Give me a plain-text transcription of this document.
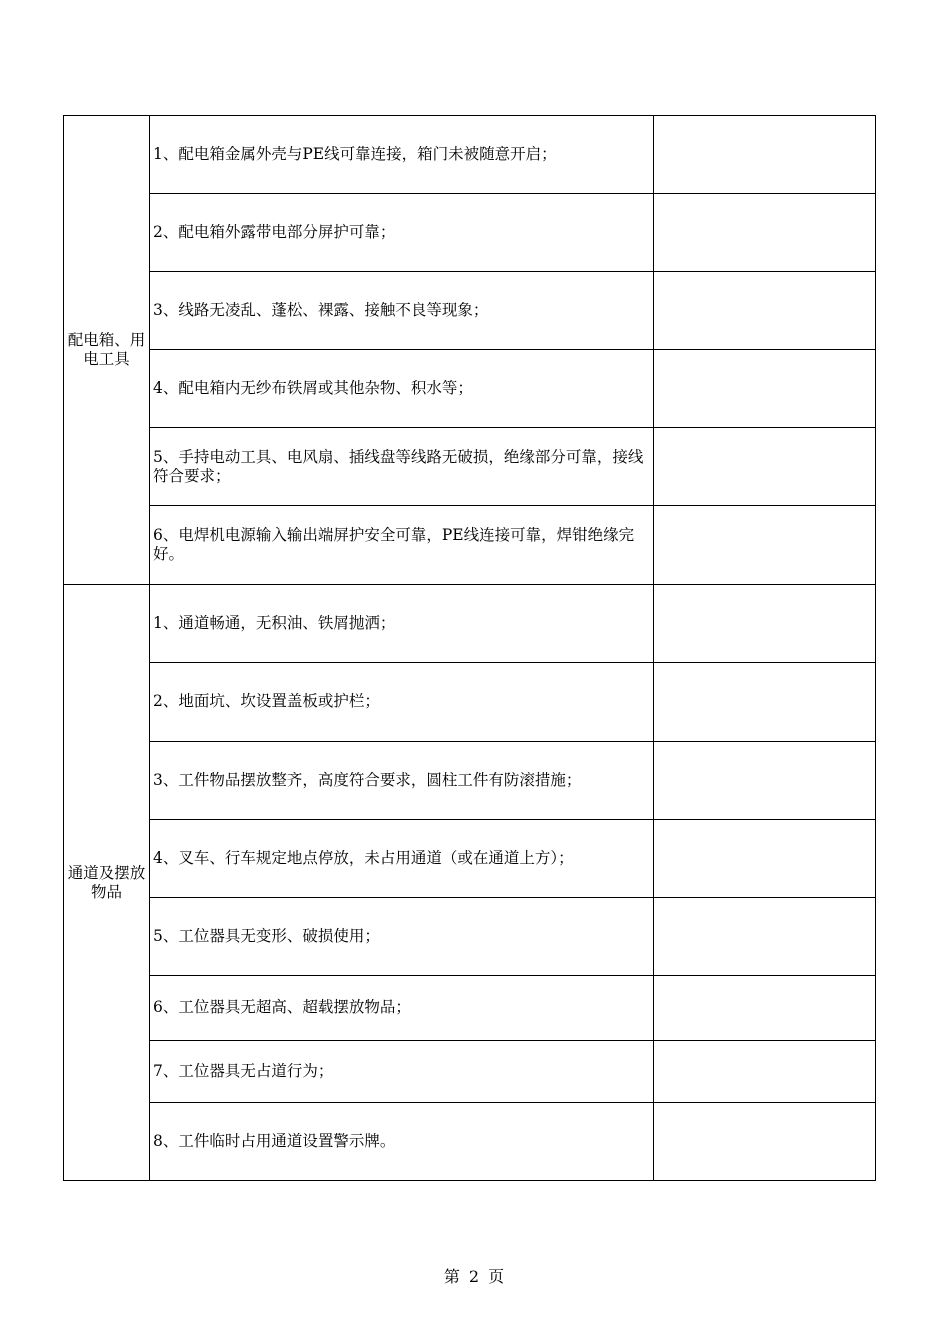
配电箱、用电工具	1、配电箱金属外壳与PE线可靠连接，箱门未被随意开启；	
	2、配电箱外露带电部分屏护可靠；	
	3、线路无凌乱、蓬松、裸露、接触不良等现象；	
	4、配电箱内无纱布铁屑或其他杂物、积水等；	
	5、手持电动工具、电风扇、插线盘等线路无破损，绝缘部分可靠，接线符合要求；	
	6、电焊机电源输入输出端屏护安全可靠，PE线连接可靠，焊钳绝缘完好。	
通道及摆放物品	1、通道畅通，无积油、铁屑抛洒；	
	2、地面坑、坎设置盖板或护栏；	
	3、工件物品摆放整齐，高度符合要求，圆柱工件有防滚措施；	
	4、叉车、行车规定地点停放，未占用通道（或在通道上方）；	
	5、工位器具无变形、破损使用；	
	6、工位器具无超高、超载摆放物品；	
	7、工位器具无占道行为；	
	8、工件临时占用通道设置警示牌。	
第 2 页
